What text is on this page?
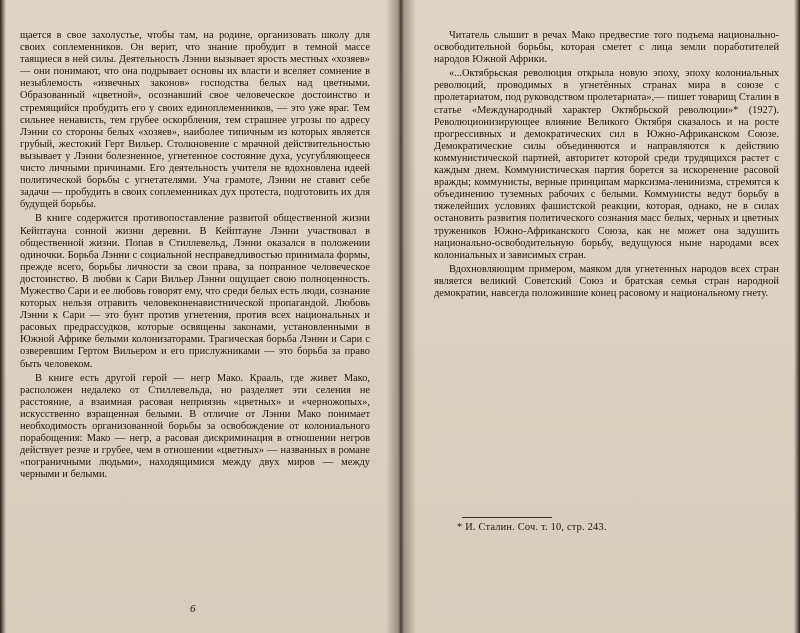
щается в свое захолустье, чтобы там, на родине, организовать школу для своих соплеменников. Он верит, что знание пробудит в темной массе таящиеся в ней силы. Деятельность Лэнни вызывает ярость местных «хозяев» — они понимают, что она подрывает основы их власти и вселяет сомнение в незыблемость «извечных законов» господства белых над цветными. Образованный «цветной», осознавший свое человеческое достоинство и стремящийся пробудить его у своих единоплеменников, — это уже враг. Тем сильнее ненависть, тем грубее оскорбления, тем страшнее угрозы по адресу Лэнни со стороны белых «хозяев», наиболее типичным из которых является грубый, жестокий Герт Вильер. Столкновение с мрачной действительностью вызывает у Лэнни болезненное, угнетенное состояние духа, усугубляющееся чисто личными причинами. Его деятельность учителя не вдохновлена идеей политической борьбы с угнетателями. Уча грамоте, Лэнни не ставит себе задачи — пробудить в своих соплеменниках дух протеста, подготовить их для будущей борьбы.

В книге содержится противопоставление развитой общественной жизни Кейптауна сонной жизни деревни. В Кейптауне Лэнни участвовал в общественной жизни. Попав в Стиллевельд, Лэнни оказался в положении одиночки. Борьба Лэнни с социальной несправедливостью принимала формы, прежде всего, борьбы личности за свои права, за попранное человеческое достоинство. В любви к Сари Вильер Лэнни ощущает свою полноценность. Мужество Сари и ее любовь говорят ему, что среди белых есть люди, сознание которых нельзя отравить человеконенавистнической пропагандой. Любовь Лэнни к Сари — это бунт против угнетения, против всех национальных и расовых предрассудков, которые освящены законами, установленными в Южной Африке белыми колонизаторами. Трагическая борьба Лэнни и Сари с озверевшим Гертом Вильером и его прислужниками — это борьба за право быть человеком.

В книге есть другой герой — негр Мако. Крааль, где живет Мако, расположен недалеко от Стиллевельда, но разделяет эти селения не расстояние, а взаимная расовая неприязнь «цветных» и «черножопых», искусственно взращенная белыми. В отличие от Лэнни Мако понимает необходимость организованной борьбы за освобождение от колониального порабощения: Мако — негр, а расовая дискриминация в отношении негров действует резче и грубее, чем в отношении «цветных» — названных в романе «пограничными людьми», находящимися между двух миров — между черными и белыми.

6

Читатель слышит в речах Мако предвестие того подъема национально-освободительной борьбы, которая сметет с лица земли поработителей народов Южной Африки.

«...Октябрьская революция открыла новую эпоху, эпоху колониальных революций, проводимых в угнетённых странах мира в союзе с пролетариатом, под руководством пролетариата»,— пишет товарищ Сталин в статье «Международный характер Октябрьской революции»* (1927). Революционизирующее влияние Великого Октября сказалось и на росте прогрессивных и демократических сил в Южно-Африканском Союзе. Демократические силы объединяются и направляются к действию коммунистической партией, авторитет которой среди трудящихся растет с каждым днем. Коммунистическая партия борется за искоренение расовой вражды; коммунисты, верные принципам марксизма-ленинизма, стремятся к объединению туземных рабочих с белыми. Коммунисты ведут борьбу в тяжелейших условиях фашистской реакции, которая, однако, не в силах остановить развития политического сознания масс белых, черных и цветных тружеников Южно-Африканского Союза, как не может она задушить национально-освободительную борьбу, ведущуюся ныне народами всех колониальных и зависимых стран.

Вдохновляющим примером, маяком для угнетенных народов всех стран является великий Советский Союз и братская семья стран народной демократии, навсегда положившие конец расовому и национальному гнету.

* И. Сталин. Соч. т. 10, стр. 243.
